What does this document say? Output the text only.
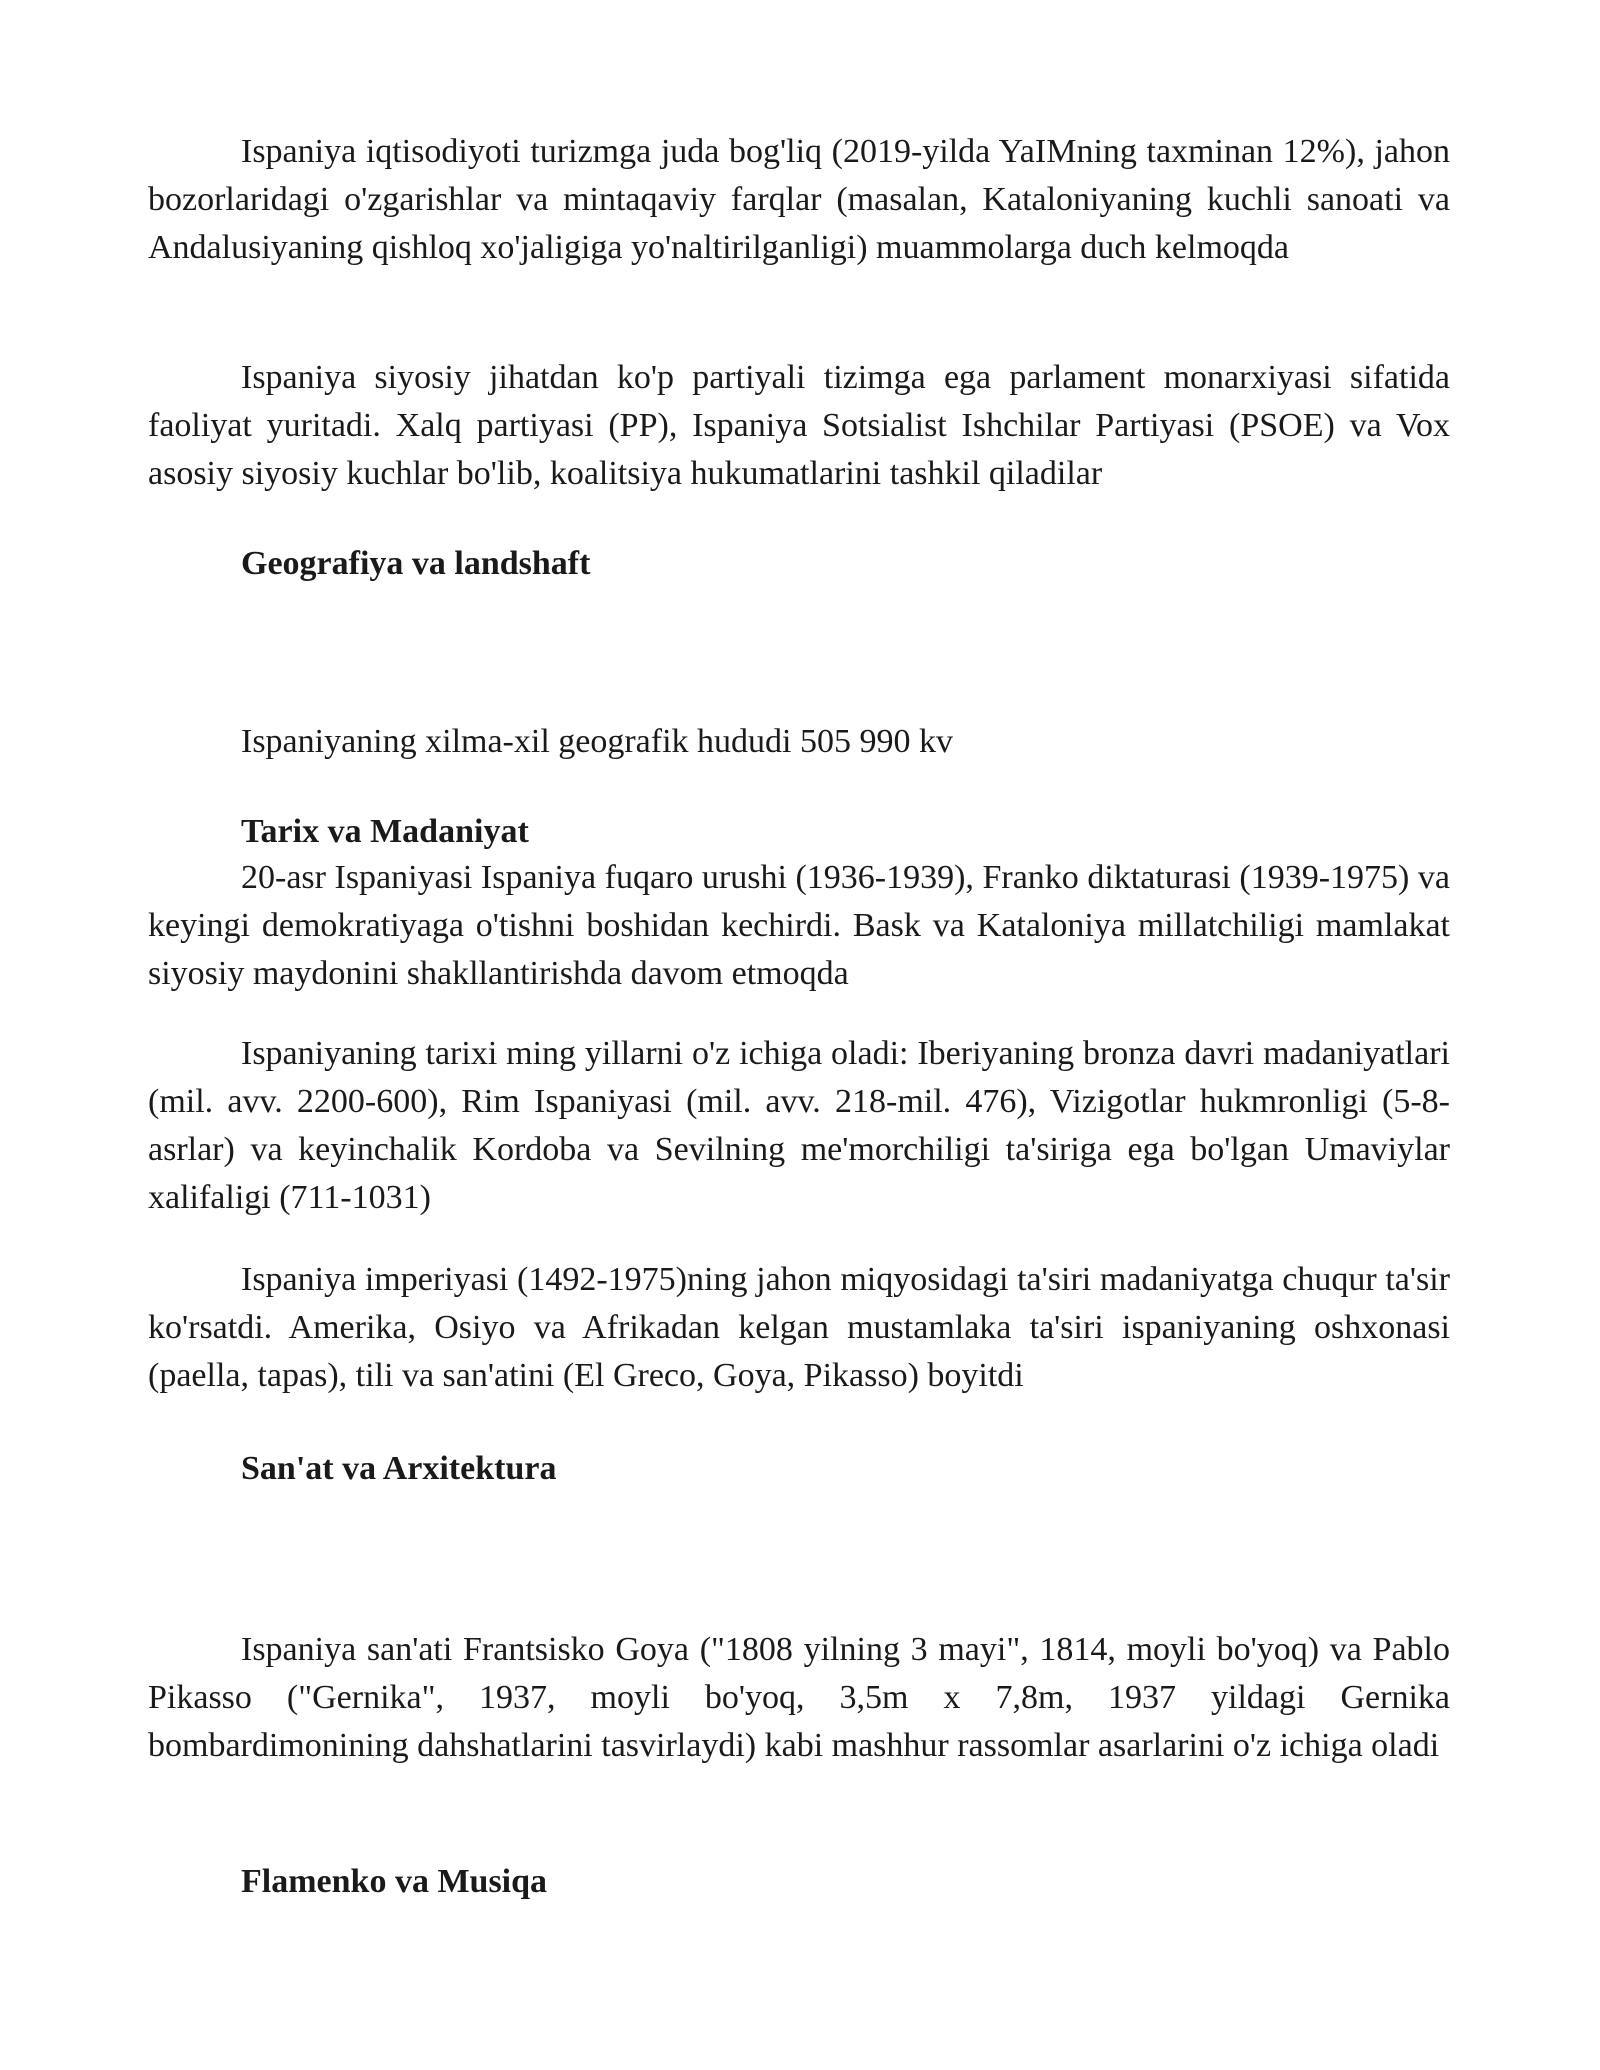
Ispaniya iqtisodiyoti turizmga juda bog'liq (2019-yilda YaIMning taxminan 12%), jahon bozorlaridagi o'zgarishlar va mintaqaviy farqlar (masalan, Kataloniyaning kuchli sanoati va Andalusiyaning qishloq xo'jaligiga yo'naltirilganligi) muammolarga duch kelmoqda

Ispaniya siyosiy jihatdan ko'p partiyali tizimga ega parlament monarxiyasi sifatida faoliyat yuritadi. Xalq partiyasi (PP), Ispaniya Sotsialist Ishchilar Partiyasi (PSOE) va Vox asosiy siyosiy kuchlar bo'lib, koalitsiya hukumatlarini tashkil qiladilar

Geografiya va landshaft

Ispaniyaning xilma-xil geografik hududi 505 990 kv

Tarix va Madaniyat

20-asr Ispaniyasi Ispaniya fuqaro urushi (1936-1939), Franko diktaturasi (1939-1975) va keyingi demokratiyaga o'tishni boshidan kechirdi. Bask va Kataloniya millatchiligi mamlakat siyosiy maydonini shakllantirishda davom etmoqda

Ispaniyaning tarixi ming yillarni o'z ichiga oladi: Iberiyaning bronza davri madaniyatlari (mil. avv. 2200-600), Rim Ispaniyasi (mil. avv. 218-mil. 476), Vizigotlar hukmronligi (5-8-asrlar) va keyinchalik Kordoba va Sevilning me'morchiligi ta'siriga ega bo'lgan Umaviylar xalifaligi (711-1031)

Ispaniya imperiyasi (1492-1975)ning jahon miqyosidagi ta'siri madaniyatga chuqur ta'sir ko'rsatdi. Amerika, Osiyo va Afrikadan kelgan mustamlaka ta'siri ispaniyaning oshxonasi (paella, tapas), tili va san'atini (El Greco, Goya, Pikasso) boyitdi

San'at va Arxitektura

Ispaniya san'ati Frantsisko Goya ("1808 yilning 3 mayi", 1814, moyli bo'yoq) va Pablo Pikasso ("Gernika", 1937, moyli bo'yoq, 3,5m x 7,8m, 1937 yildagi Gernika bombardimonining dahshatlarini tasvirlaydi) kabi mashhur rassomlar asarlarini o'z ichiga oladi

Flamenko va Musiqa
